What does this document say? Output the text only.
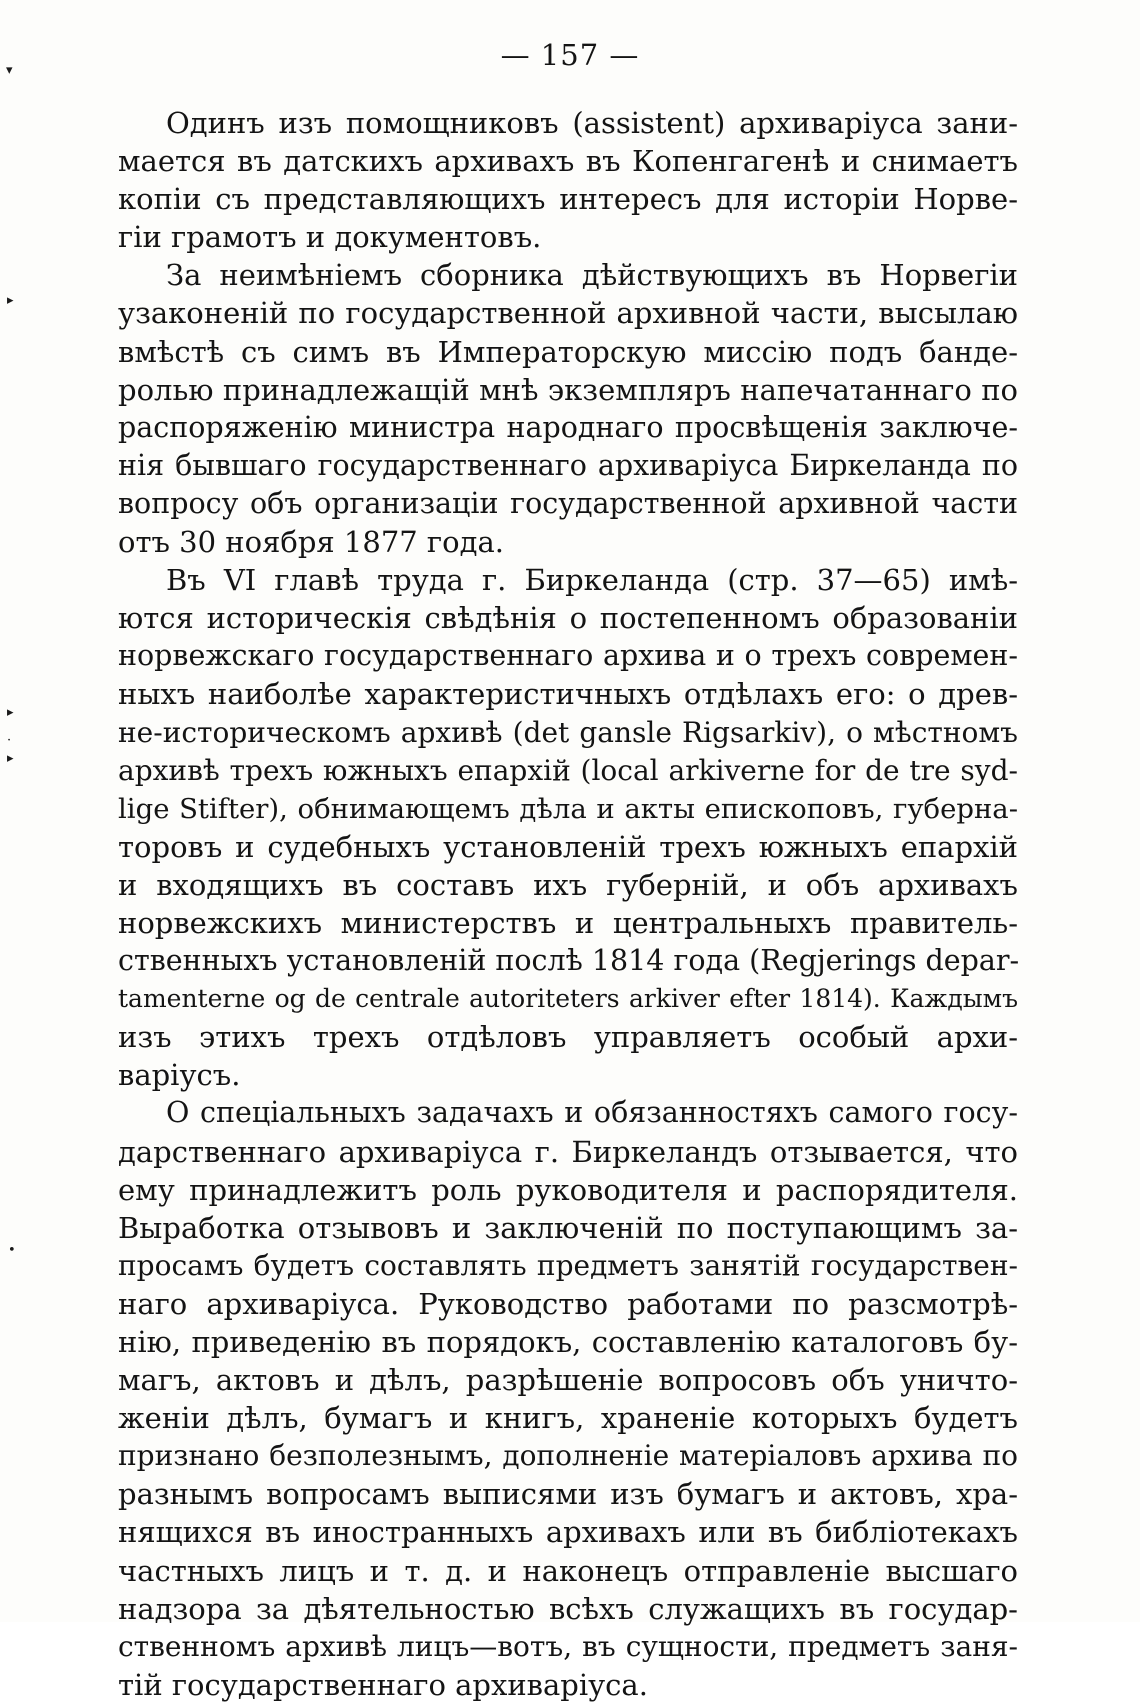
▾
▸
▸
·
▸
•
— 157 —
Одинъ изъ помощниковъ (assistent) архиваріуса зани-
мается въ датскихъ архивахъ въ Копенгагенѣ и снимаетъ
копіи съ представляющихъ интересъ для исторіи Норве-
гіи грамотъ и документовъ.
За неимѣніемъ сборника дѣйствующихъ въ Норвегіи
узаконеній по государственной архивной части, высылаю
вмѣстѣ съ симъ въ Императорскую миссію подъ банде-
ролью принадлежащій мнѣ экземпляръ напечатаннаго по
распоряженію министра народнаго просвѣщенія заключе-
нія бывшаго государственнаго архиваріуса Биркеланда по
вопросу объ организаціи государственной архивной части
отъ 30 ноября 1877 года.
Въ VI главѣ труда г. Биркеланда (стр. 37—65) имѣ-
ются историческія свѣдѣнія о постепенномъ образованіи
норвежскаго государственнаго архива и о трехъ современ-
ныхъ наиболѣе характеристичныхъ отдѣлахъ его: о древ-
не-историческомъ архивѣ (det gansle Rigsarkiv), о мѣстномъ
архивѣ трехъ южныхъ епархій (local arkiverne for de tre syd-
lige Stifter), обнимающемъ дѣла и акты епископовъ, губерна-
торовъ и судебныхъ установленій трехъ южныхъ епархій
и входящихъ въ составъ ихъ губерній, и объ архивахъ
норвежскихъ министерствъ и центральныхъ правитель-
ственныхъ установленій послѣ 1814 года (Regjerings depar-
tamenterne og de centrale autoriteters arkiver efter 1814). Каждымъ
изъ этихъ трехъ отдѣловъ управляетъ особый архи-
варіусъ.
О спеціальныхъ задачахъ и обязанностяхъ самого госу-
дарственнаго архиваріуса г. Биркеландъ отзывается, что
ему принадлежитъ роль руководителя и распорядителя.
Выработка отзывовъ и заключеній по поступающимъ за-
просамъ будетъ составлять предметъ занятій государствен-
наго архиваріуса. Руководство работами по разсмотрѣ-
нію, приведенію въ порядокъ, составленію каталоговъ бу-
магъ, актовъ и дѣлъ, разрѣшеніе вопросовъ объ уничто-
женіи дѣлъ, бумагъ и книгъ, храненіе которыхъ будетъ
признано безполезнымъ, дополненіе матеріаловъ архива по
разнымъ вопросамъ выписями изъ бумагъ и актовъ, хра-
нящихся въ иностранныхъ архивахъ или въ библіотекахъ
частныхъ лицъ и т. д. и наконецъ отправленіе высшаго
надзора за дѣятельностью всѣхъ служащихъ въ государ-
ственномъ архивѣ лицъ—вотъ, въ сущности, предметъ заня-
тій государственнаго архиваріуса.
